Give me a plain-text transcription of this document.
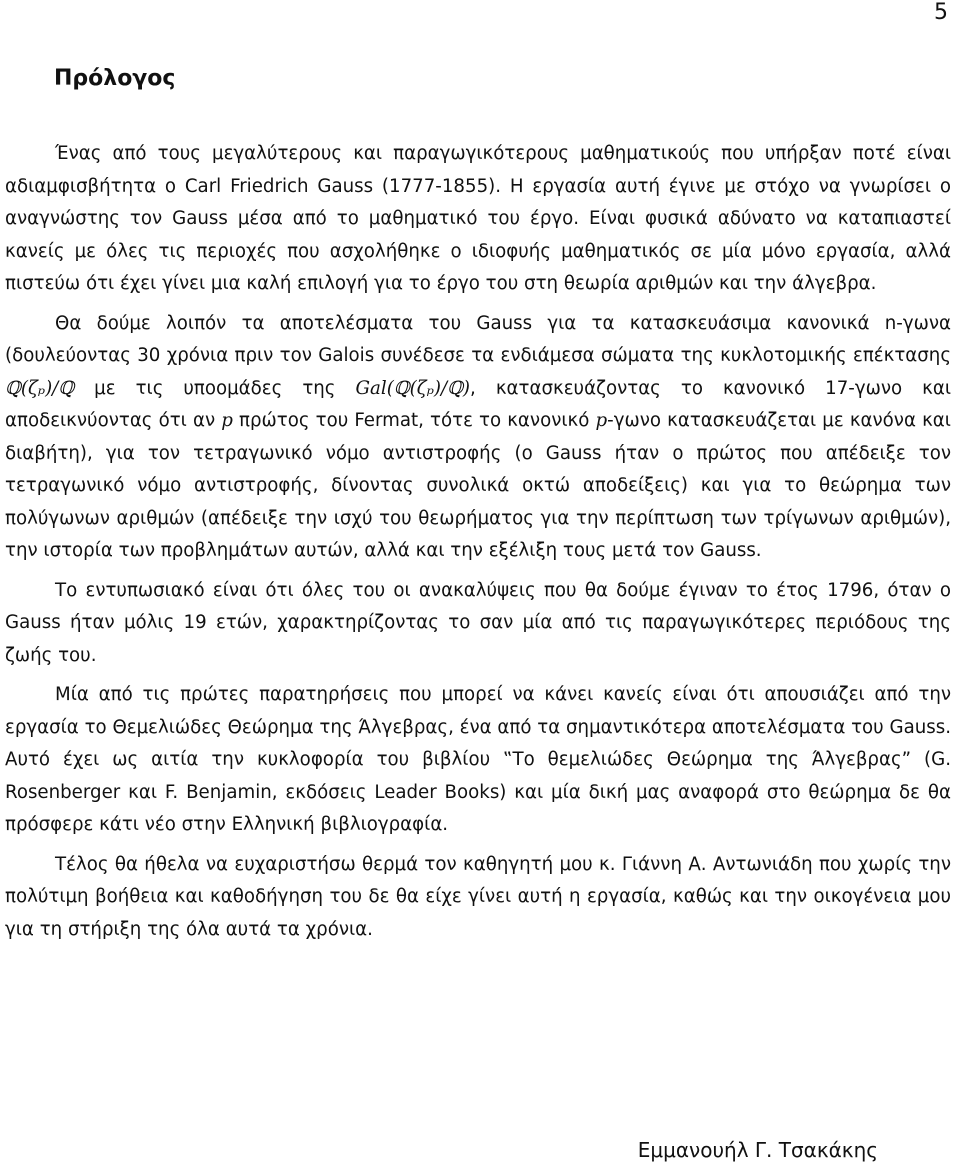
5
Πρόλογος

Ένας από τους μεγαλύτερους και παραγωγικότερους μαθηματικούς που υπήρξαν ποτέ είναι αδιαμφισβήτητα ο Carl Friedrich Gauss (1777-1855). Η εργασία αυτή έγινε με στόχο να γνωρίσει ο αναγνώστης τον Gauss μέσα από το μαθηματικό του έργο. Είναι φυσικά αδύνατο να καταπιαστεί κανείς με όλες τις περιοχές που ασχολήθηκε ο ιδιοφυής μαθηματικός σε μία μόνο εργασία, αλλά πιστεύω ότι έχει γίνει μια καλή επιλογή για το έργο του στη θεωρία αριθμών και την άλγεβρα.

Θα δούμε λοιπόν τα αποτελέσματα του Gauss για τα κατασκευάσιμα κανονικά n-γωνα (δουλεύοντας 30 χρόνια πριν τον Galois συνέδεσε τα ενδιάμεσα σώματα της κυκλοτομικής επέκτασης ℚ(ζₚ)/ℚ με τις υποομάδες της Gal(ℚ(ζₚ)/ℚ), κατασκευάζοντας το κανονικό 17-γωνο και αποδεικνύοντας ότι αν p πρώτος του Fermat, τότε το κανονικό p-γωνο κατασκευάζεται με κανόνα και διαβήτη), για τον τετραγωνικό νόμο αντιστροφής (ο Gauss ήταν ο πρώτος που απέδειξε τον τετραγωνικό νόμο αντιστροφής, δίνοντας συνολικά οκτώ αποδείξεις) και για το θεώρημα των πολύγωνων αριθμών (απέδειξε την ισχύ του θεωρήματος για την περίπτωση των τρίγωνων αριθμών), την ιστορία των προβλημάτων αυτών, αλλά και την εξέλιξη τους μετά τον Gauss.

Το εντυπωσιακό είναι ότι όλες του οι ανακαλύψεις που θα δούμε έγιναν το έτος 1796, όταν ο Gauss ήταν μόλις 19 ετών, χαρακτηρίζοντας το σαν μία από τις παραγωγικότερες περιόδους της ζωής του.

Μία από τις πρώτες παρατηρήσεις που μπορεί να κάνει κανείς είναι ότι απουσιάζει από την εργασία το Θεμελιώδες Θεώρημα της Άλγεβρας, ένα από τα σημαντικότερα αποτελέσματα του Gauss. Αυτό έχει ως αιτία την κυκλοφορία του βιβλίου ‟Το θεμελιώδες Θεώρημα της Άλγεβρας” (G. Rosenberger και F. Benjamin, εκδόσεις Leader Books) και μία δική μας αναφορά στο θεώρημα δε θα πρόσφερε κάτι νέο στην Ελληνική βιβλιογραφία.

Τέλος θα ήθελα να ευχαριστήσω θερμά τον καθηγητή μου κ. Γιάννη Α. Αντωνιάδη που χωρίς την πολύτιμη βοήθεια και καθοδήγηση του δε θα είχε γίνει αυτή η εργασία, καθώς και την οικογένεια μου για τη στήριξη της όλα αυτά τα χρόνια.

Εμμανουήλ Γ. Τσακάκης
